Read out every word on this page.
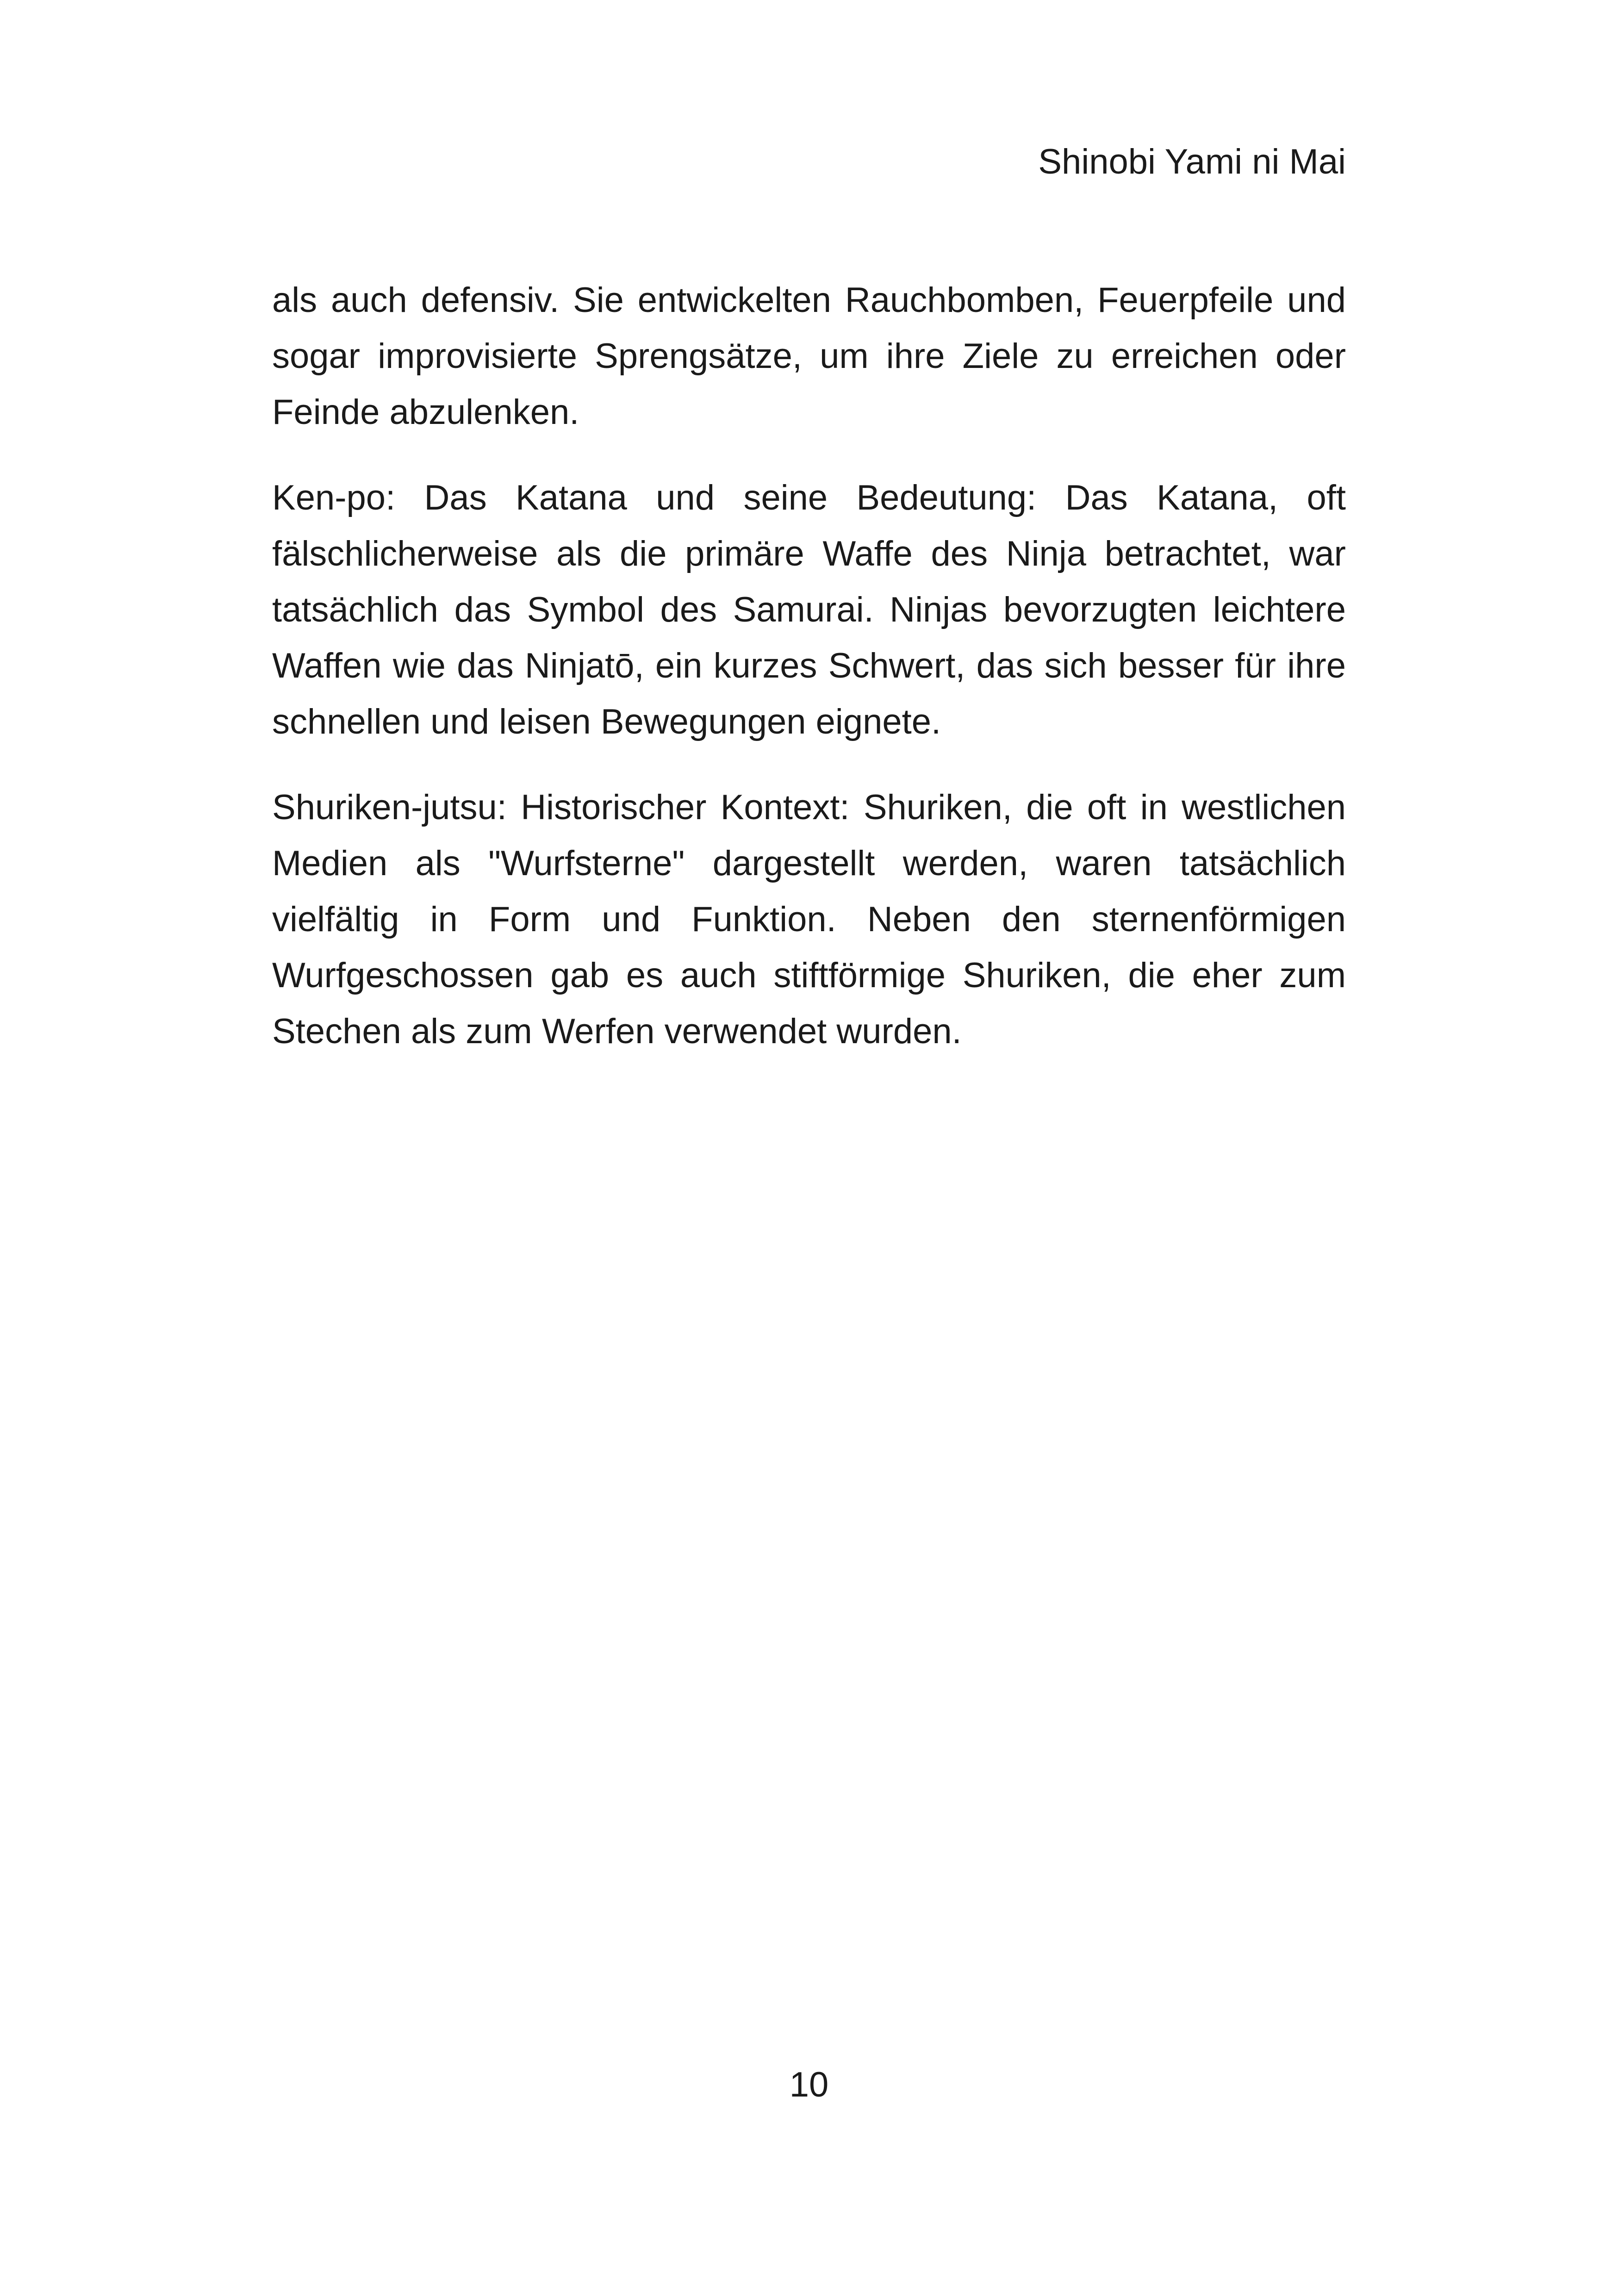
Shinobi Yami ni Mai

als auch defensiv. Sie entwickelten Rauchbomben, Feuerpfeile und sogar improvisierte Sprengsätze, um ihre Ziele zu erreichen oder Feinde abzulenken.

Ken-po: Das Katana und seine Bedeutung: Das Katana, oft fälschlicherweise als die primäre Waffe des Ninja betrachtet, war tatsächlich das Symbol des Samurai. Ninjas bevorzugten leichtere Waffen wie das Ninjatō, ein kurzes Schwert, das sich besser für ihre schnellen und leisen Bewegungen eignete.

Shuriken-jutsu: Historischer Kontext: Shuriken, die oft in westlichen Medien als "Wurfsterne" dargestellt werden, waren tatsächlich vielfältig in Form und Funktion. Neben den sternenförmigen Wurfgeschossen gab es auch stiftförmige Shuriken, die eher zum Stechen als zum Werfen verwendet wurden.

10
